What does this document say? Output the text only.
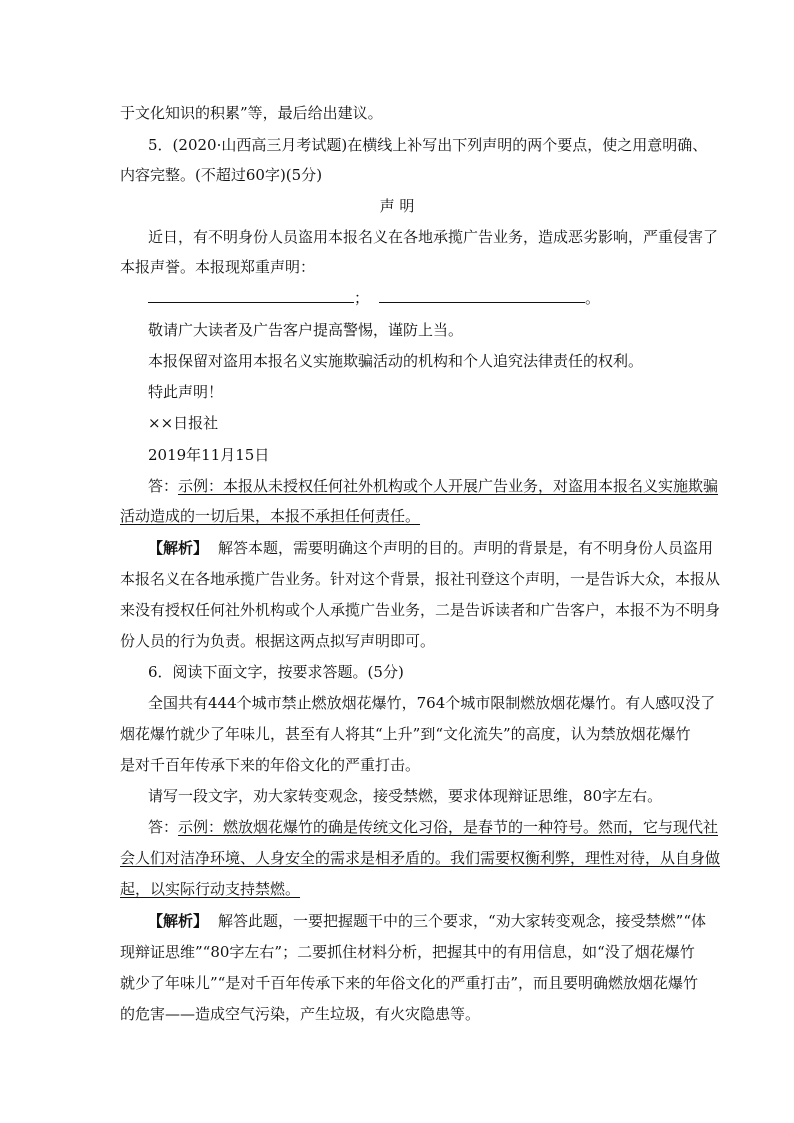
于文化知识的积累”等，最后给出建议。
5．(2020·山西高三月考试题)在横线上补写出下列声明的两个要点，使之用意明确、
内容完整。(不超过60字)(5分)
声 明
近日，有不明身份人员盗用本报名义在各地承揽广告业务，造成恶劣影响，严重侵害了
本报声誉。本报现郑重声明：
；	。
敬请广大读者及广告客户提高警惕，谨防上当。
本报保留对盗用本报名义实施欺骗活动的机构和个人追究法律责任的权利。
特此声明！
××日报社
2019年11月15日
答：示例：本报从未授权任何社外机构或个人开展广告业务，对盗用本报名义实施欺骗
活动造成的一切后果，本报不承担任何责任。
【解析】 解答本题，需要明确这个声明的目的。声明的背景是，有不明身份人员盗用
本报名义在各地承揽广告业务。针对这个背景，报社刊登这个声明，一是告诉大众，本报从
来没有授权任何社外机构或个人承揽广告业务，二是告诉读者和广告客户，本报不为不明身
份人员的行为负责。根据这两点拟写声明即可。
6．阅读下面文字，按要求答题。(5分)
全国共有444个城市禁止燃放烟花爆竹，764个城市限制燃放烟花爆竹。有人感叹没了
烟花爆竹就少了年味儿，甚至有人将其“上升”到“文化流失”的高度，认为禁放烟花爆竹
是对千百年传承下来的年俗文化的严重打击。
请写一段文字，劝大家转变观念，接受禁燃，要求体现辩证思维，80字左右。
答：示例：燃放烟花爆竹的确是传统文化习俗，是春节的一种符号。然而，它与现代社
会人们对洁净环境、人身安全的需求是相矛盾的。我们需要权衡利弊，理性对待，从自身做
起，以实际行动支持禁燃。
【解析】 解答此题，一要把握题干中的三个要求，“劝大家转变观念，接受禁燃”“体
现辩证思维”“80字左右”；二要抓住材料分析，把握其中的有用信息，如“没了烟花爆竹
就少了年味儿”“是对千百年传承下来的年俗文化的严重打击”，而且要明确燃放烟花爆竹
的危害——造成空气污染，产生垃圾，有火灾隐患等。
